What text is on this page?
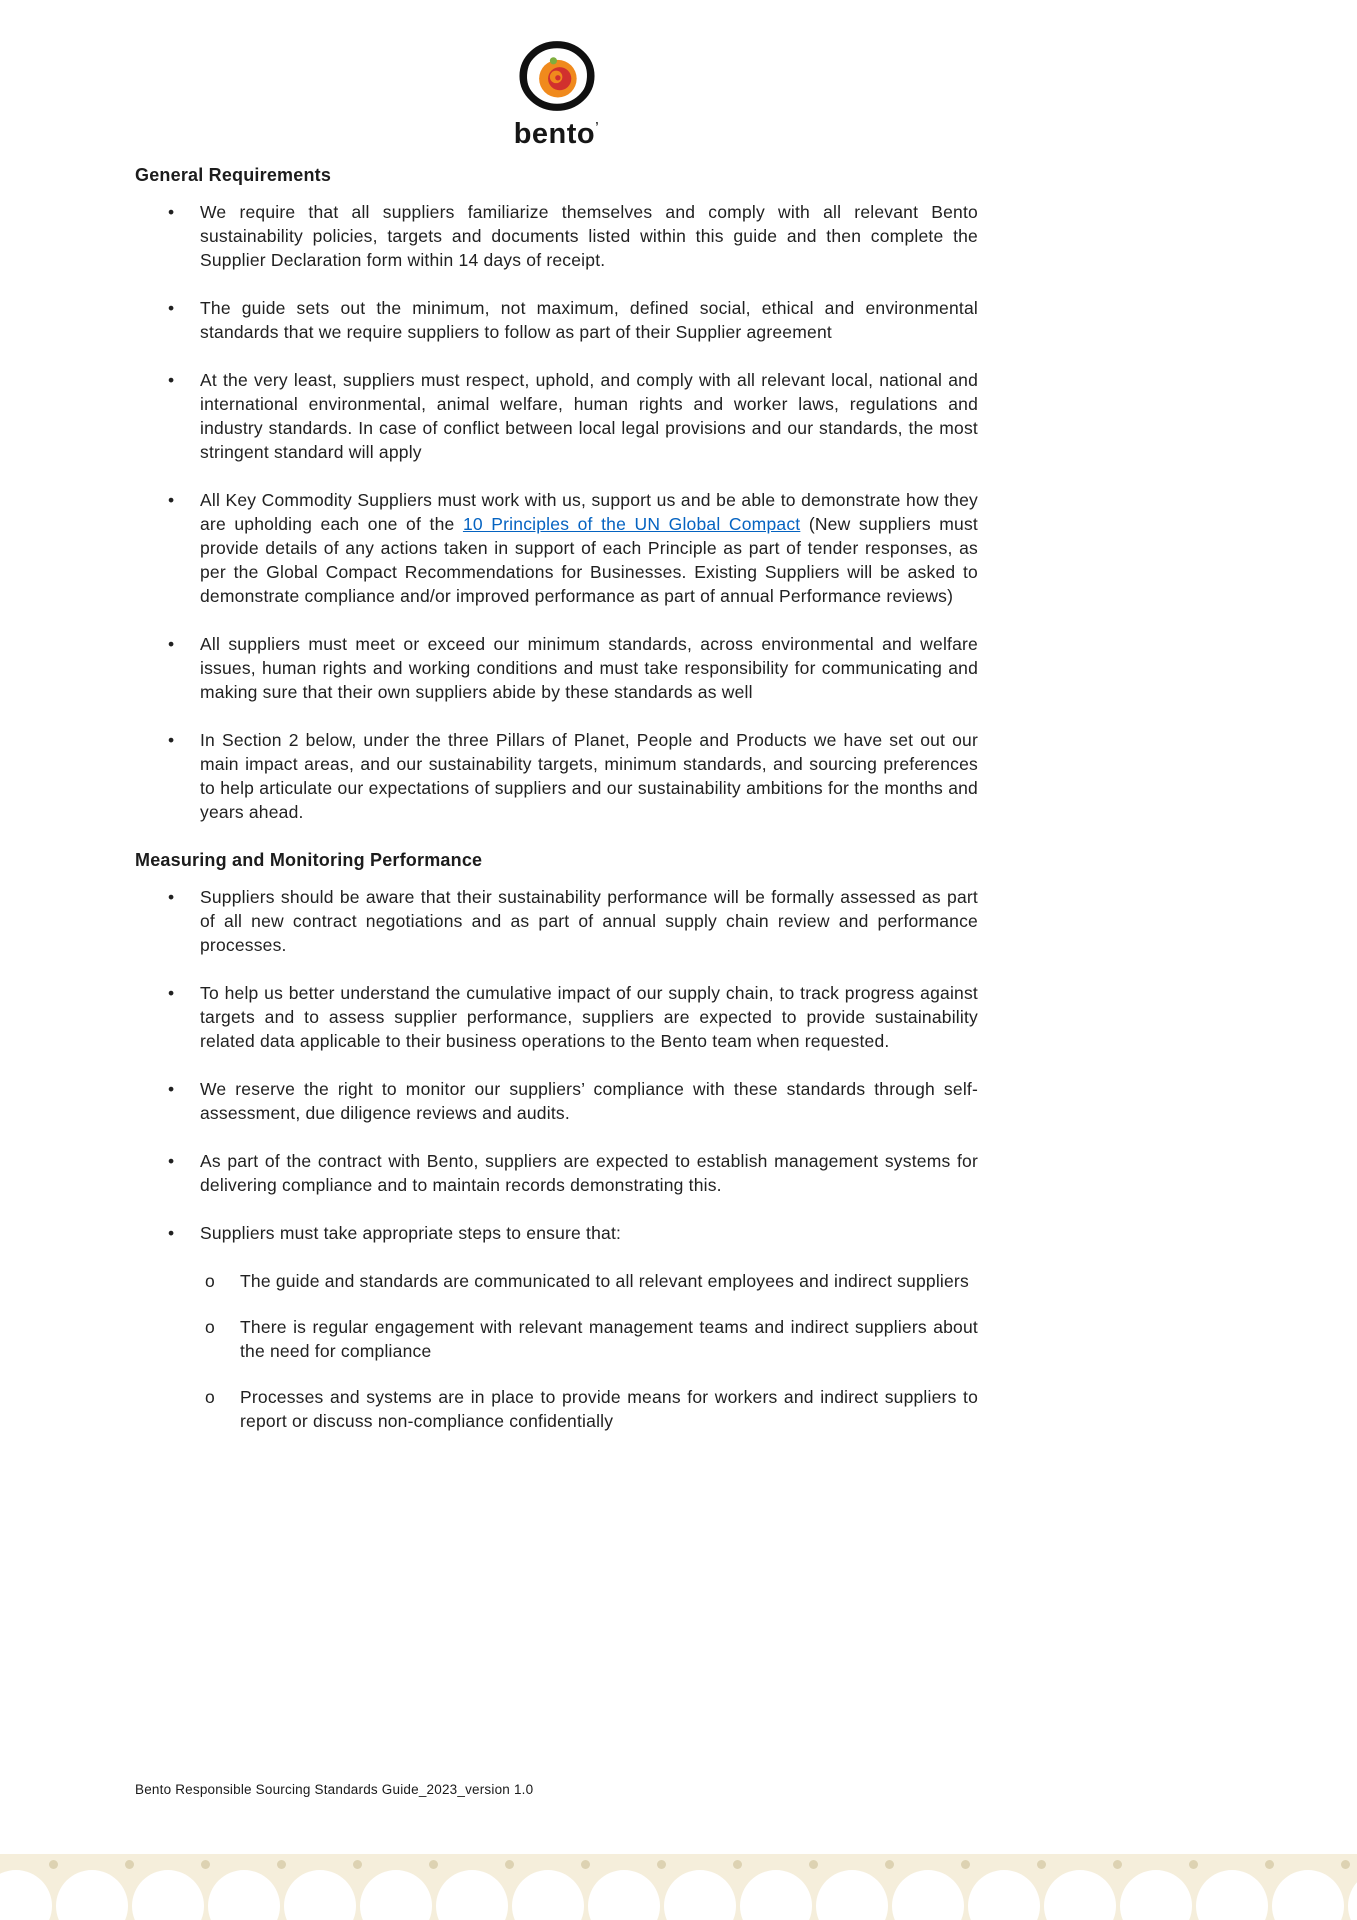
bento’
General Requirements
•	We require that all suppliers familiarize themselves and comply with all relevant Bento sustainability policies, targets and documents listed within this guide and then complete the Supplier Declaration form within 14 days of receipt.
•	The guide sets out the minimum, not maximum, defined social, ethical and environmental standards that we require suppliers to follow as part of their Supplier agreement
•	At the very least, suppliers must respect, uphold, and comply with all relevant local, national and international environmental, animal welfare, human rights and worker laws, regulations and industry standards. In case of conflict between local legal provisions and our standards, the most stringent standard will apply
•	All Key Commodity Suppliers must work with us, support us and be able to demonstrate how they are upholding each one of the 10 Principles of the UN Global Compact (New suppliers must provide details of any actions taken in support of each Principle as part of tender responses, as per the Global Compact Recommendations for Businesses. Existing Suppliers will be asked to demonstrate compliance and/or improved performance as part of annual Performance reviews)
•	All suppliers must meet or exceed our minimum standards, across environmental and welfare issues, human rights and working conditions and must take responsibility for communicating and making sure that their own suppliers abide by these standards as well
•	In Section 2 below, under the three Pillars of Planet, People and Products we have set out our main impact areas, and our sustainability targets, minimum standards, and sourcing preferences to help articulate our expectations of suppliers and our sustainability ambitions for the months and years ahead.
Measuring and Monitoring Performance
•	Suppliers should be aware that their sustainability performance will be formally assessed as part of all new contract negotiations and as part of annual supply chain review and performance processes.
•	To help us better understand the cumulative impact of our supply chain, to track progress against targets and to assess supplier performance, suppliers are expected to provide sustainability related data applicable to their business operations to the Bento team when requested.
•	We reserve the right to monitor our suppliers’ compliance with these standards through self-assessment, due diligence reviews and audits.
•	As part of the contract with Bento, suppliers are expected to establish management systems for delivering compliance and to maintain records demonstrating this.
•	Suppliers must take appropriate steps to ensure that:
o	The guide and standards are communicated to all relevant employees and indirect suppliers
o	There is regular engagement with relevant management teams and indirect suppliers about the need for compliance
o	Processes and systems are in place to provide means for workers and indirect suppliers to report or discuss non-compliance confidentially
Bento Responsible Sourcing Standards Guide_2023_version 1.0
